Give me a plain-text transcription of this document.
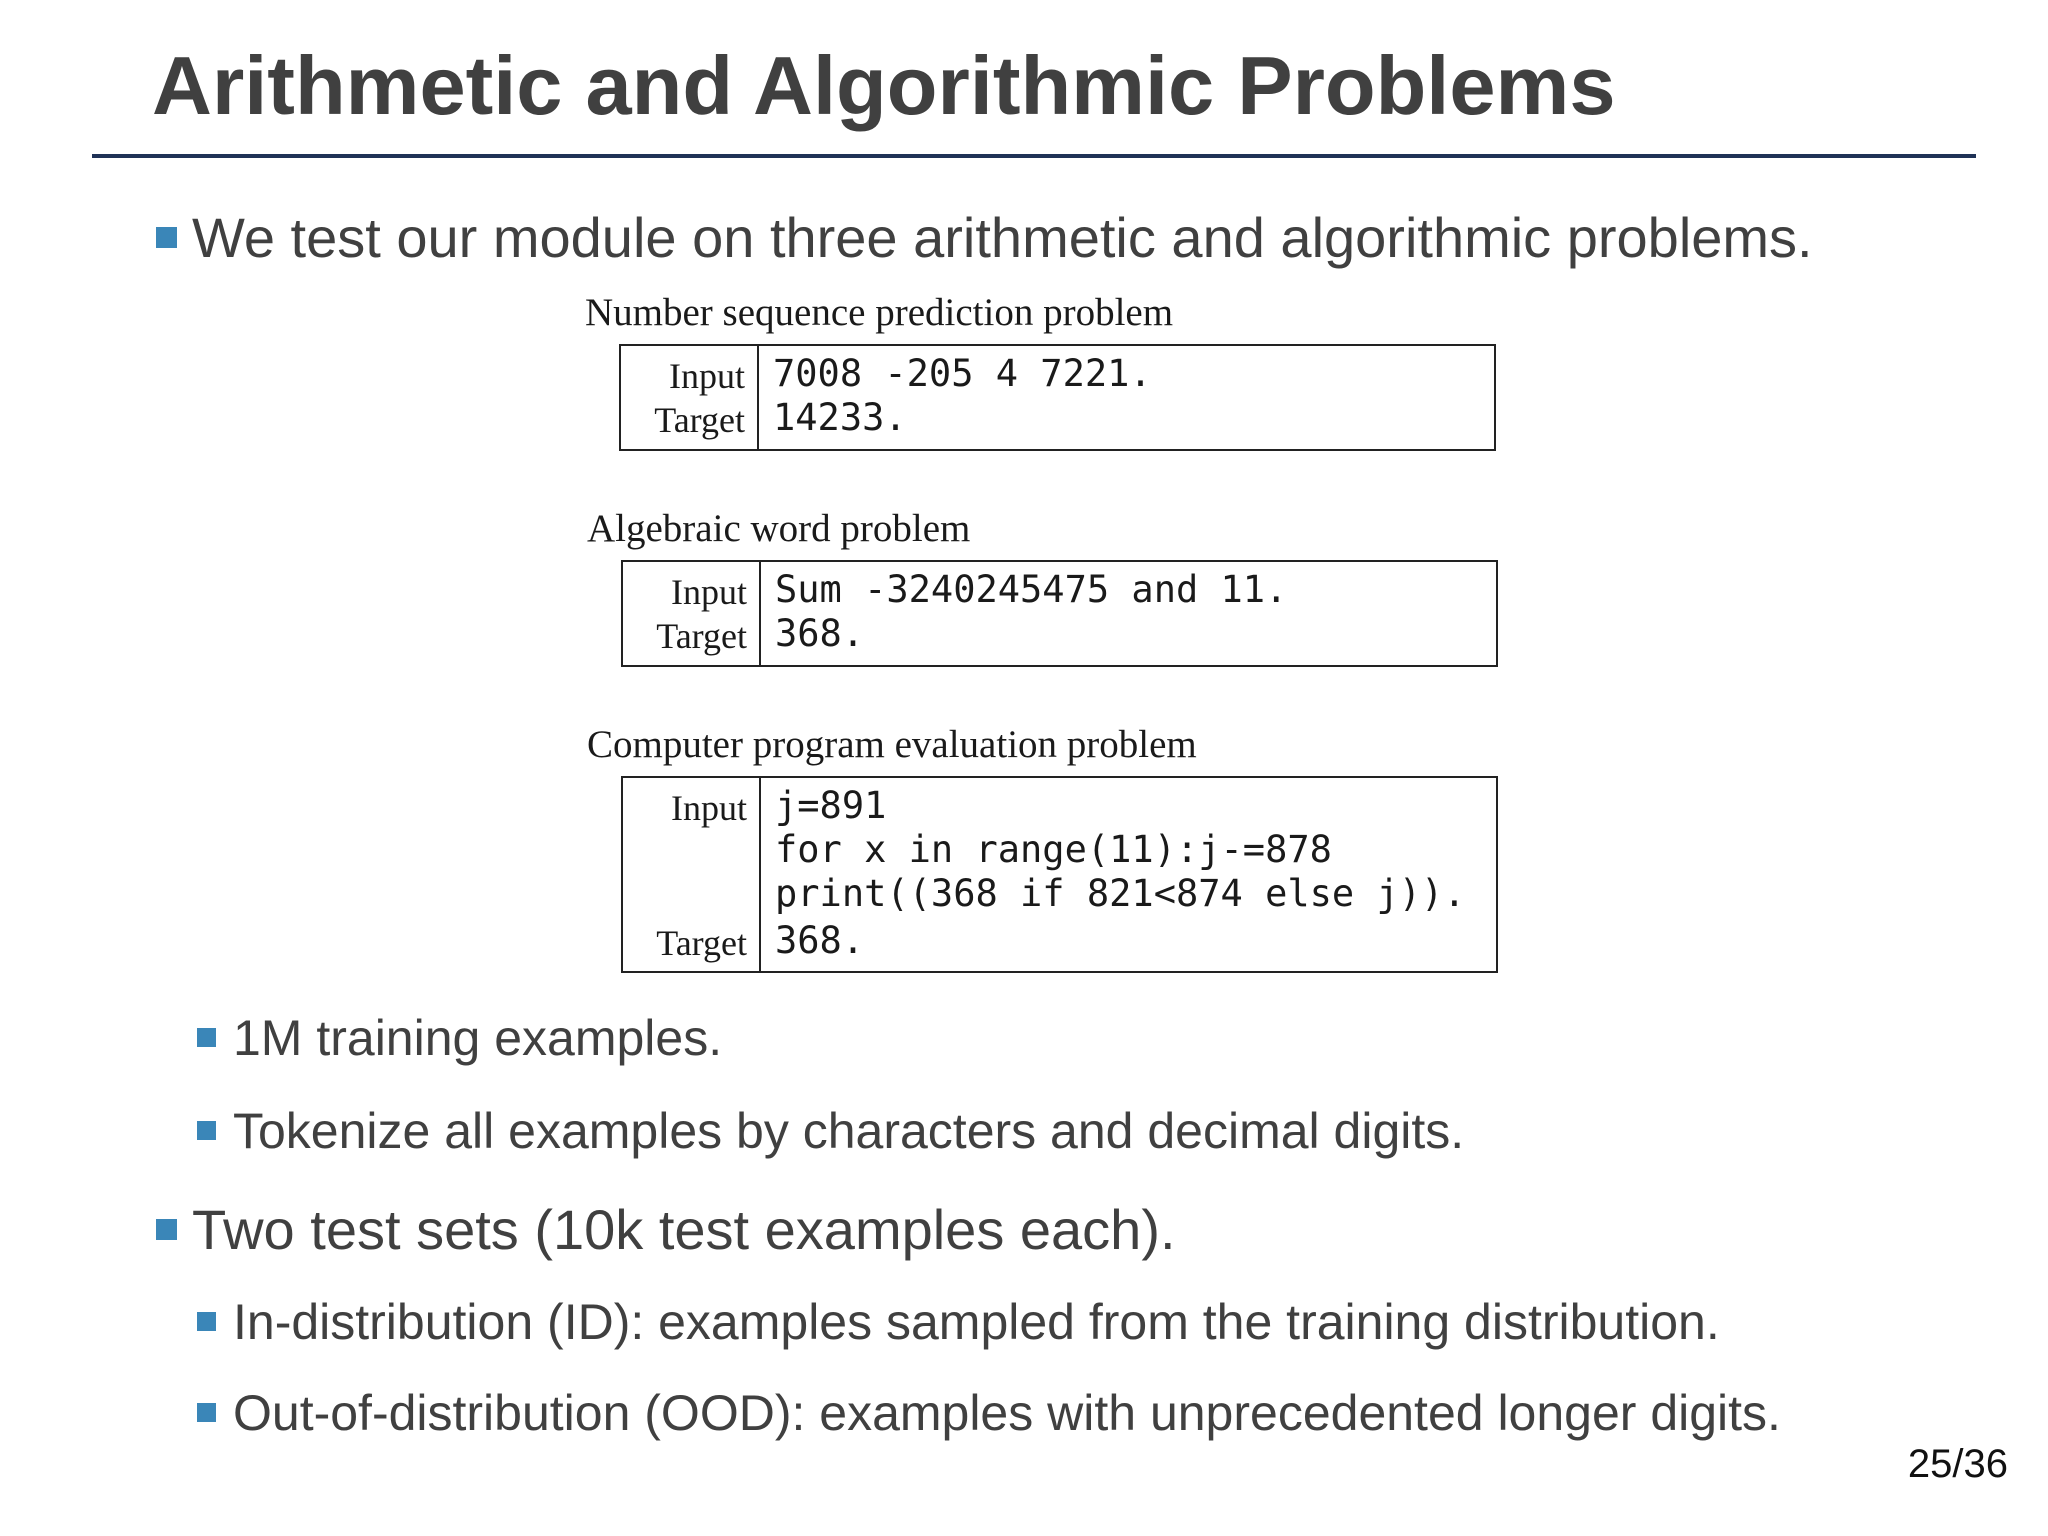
Arithmetic and Algorithmic Problems
We test our module on three arithmetic and algorithmic problems.
Number sequence prediction problem
Input
Target
7008 -205 4 7221.
14233.
Algebraic word problem
Input
Target
Sum -3240245475 and 11.
368.
Computer program evaluation problem
Input
Target
j=891
for x in range(11):j-=878
print((368 if 821<874 else j)).
368.
1M training examples.
Tokenize all examples by characters and decimal digits.
Two test sets (10k test examples each).
In-distribution (ID): examples sampled from the training distribution.
Out-of-distribution (OOD): examples with unprecedented longer digits.
25/36
